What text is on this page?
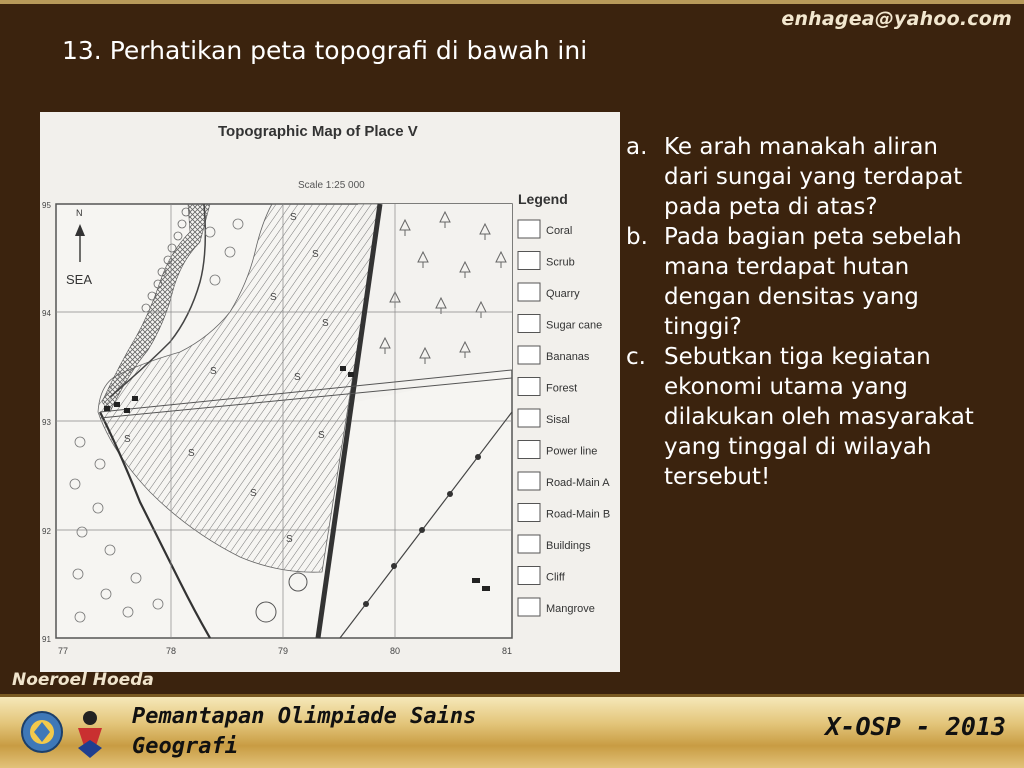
enhagea@yahoo.com
13. Perhatikan peta topografi di bawah ini
Topographic Map of Place V
Scale 1:25 000
S
S
S
S
S
S
S
S
S
S
S
N
SEA
95
94
93
92
91
77	78	79	80	81
Legend
Coral
Scrub
Quarry
Sugar cane
Bananas
Forest
Sisal
Power line
Road-Main A
Road-Main B
Buildings
Cliff
Mangrove

a. Ke arah manakah aliran dari sungai yang terdapat pada peta di atas?

b. Pada bagian peta sebelah mana terdapat hutan dengan densitas yang tinggi?

c. Sebutkan tiga kegiatan ekonomi utama yang dilakukan oleh masyarakat yang tinggal di wilayah tersebut!

Noeroel Hoeda
Pemantapan Olimpiade Sains
Geografi
X-OSP - 2013
